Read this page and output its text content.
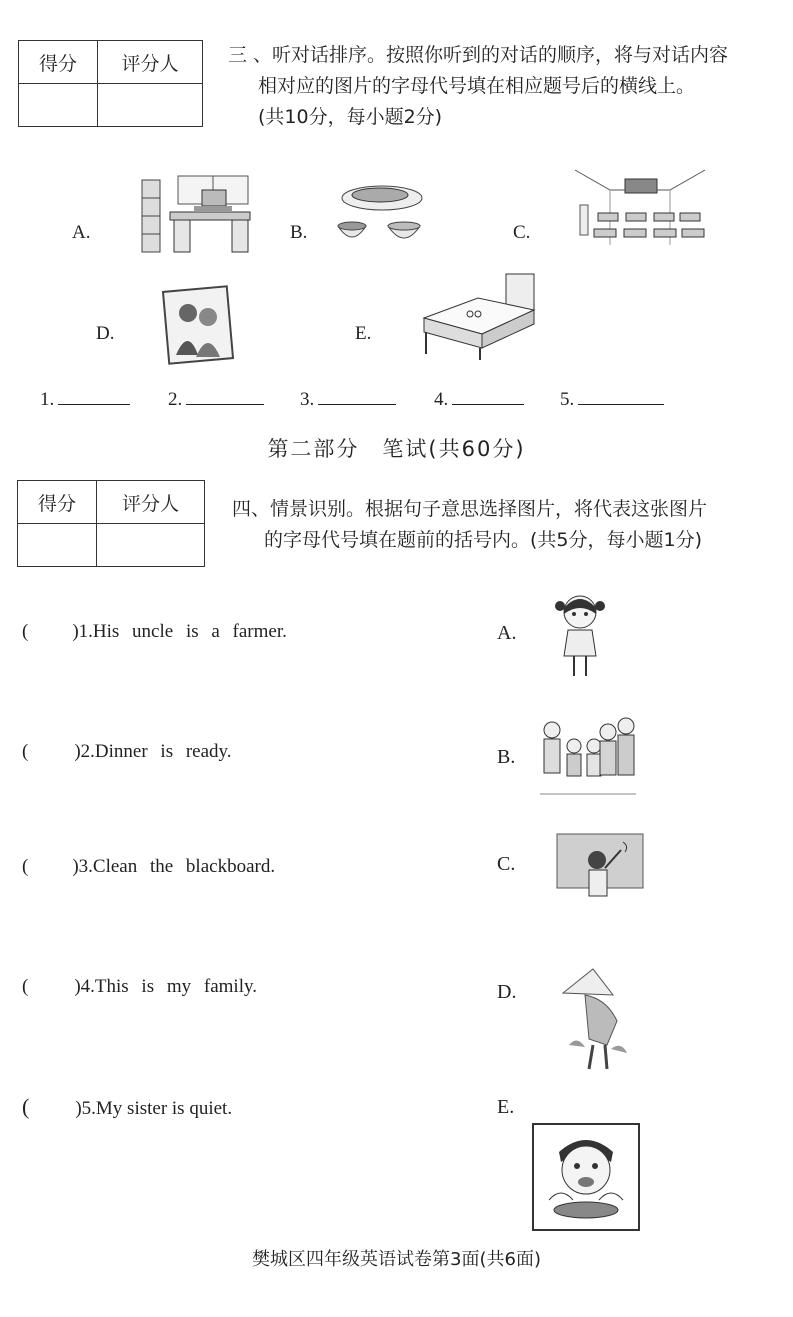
得分	评分人
		三 、听对话排序。按照你听到的对话的顺序，将与对话内容
相对应的图片的字母代号填在相应题号后的横线上。
(共10分，每小题2分)
A.	B.	C.
D.	E.
1.	2.	3.	4.	5.
第二部分　笔试(共60分)
得分	评分人
		四、情景识别。根据句子意思选择图片，将代表这张图片
的字母代号填在题前的括号内。(共5分，每小题1分)
( )1.His uncle is a farmer.
( )2.Dinner is ready.
( )3.Clean the blackboard.
( )4.This is my family.
( )5.My sister is quiet.
A.
B.
C.
D.
E.
樊城区四年级英语试卷第3面(共6面)
